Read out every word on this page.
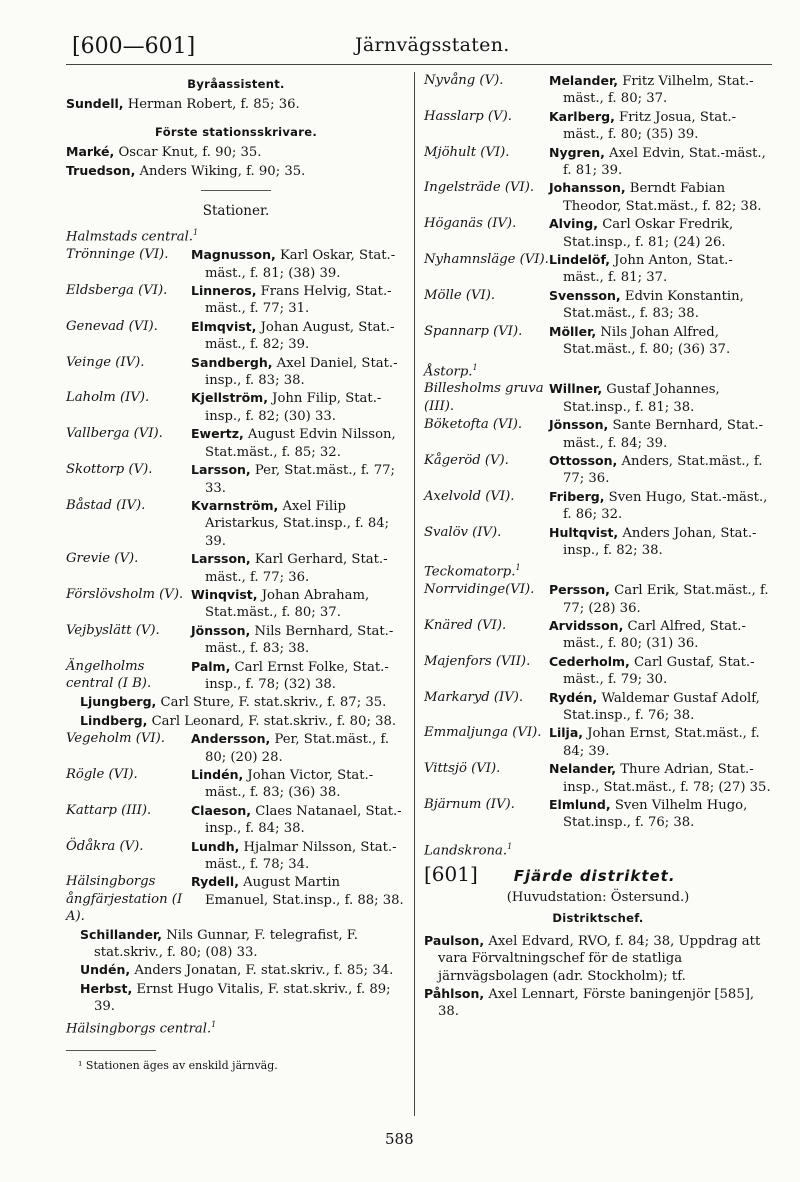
[600—601]	Järnvägsstaten.
Byråassistent.

Sundell, Herman Robert, f. 85; 36.

Förste stationsskrivare.

Marké, Oscar Knut, f. 90; 35.

Truedson, Anders Wiking, f. 90; 35.

Stationer.
Halmstads central.$^1$
Trönninge (VI).	Magnusson, Karl Oskar, Stat.-mäst., f. 81; (38) 39.
Eldsberga (VI).	Linneros, Frans Helvig, Stat.-mäst., f. 77; 31.
Genevad (VI).	Elmqvist, Johan August, Stat.-mäst., f. 82; 39.
Veinge (IV).	Sandbergh, Axel Daniel, Stat.-insp., f. 83; 38.
Laholm (IV).	Kjellström, John Filip, Stat.-insp., f. 82; (30) 33.
Vallberga (VI).	Ewertz, August Edvin Nilsson, Stat.mäst., f. 85; 32.
Skottorp (V).	Larsson, Per, Stat.mäst., f. 77; 33.
Båstad (IV).	Kvarnström, Axel Filip Aristarkus, Stat.insp., f. 84; 39.
Grevie (V).	Larsson, Karl Gerhard, Stat.-mäst., f. 77; 36.
Förslövsholm (V). Winqvist, Johan Abraham, Stat.mäst., f. 80; 37.
Vejbyslätt (V).	Jönsson, Nils Bernhard, Stat.-mäst., f. 83; 38.
Ängelholms central (I B).
Palm, Carl Ernst Folke, Stat.-insp., f. 78; (32) 38.

Ljungberg, Carl Sture, F. stat.skriv., f. 87; 35.

Lindberg, Carl Leonard, F. stat.skriv., f. 80; 38.

Vegeholm (VI).	Andersson, Per, Stat.mäst., f. 80; (20) 28.
Rögle (VI).	Lindén, Johan Victor, Stat.-mäst., f. 83; (36) 38.
Kattarp (III).	Claeson, Claes Natanael, Stat.-insp., f. 84; 38.
Ödåkra (V).	Lundh, Hjalmar Nilsson, Stat.-mäst., f. 78; 34.
Hälsingborgs ångfärjestation (I A).
Rydell, August Martin Emanuel, Stat.insp., f. 88; 38.

Schillander, Nils Gunnar, F. telegrafist, F. stat.skriv., f. 80; (08) 33.

Undén, Anders Jonatan, F. stat.skriv., f. 85; 34.

Herbst, Ernst Hugo Vitalis, F. stat.skriv., f. 89; 39.

Hälsingborgs central.$^1$
¹ Stationen äges av enskild järnväg.
Nyvång (V).	Melander, Fritz Vilhelm, Stat.-mäst., f. 80; 37.
Hasslarp (V).	Karlberg, Fritz Josua, Stat.-mäst., f. 80; (35) 39.
Mjöhult (VI).	Nygren, Axel Edvin, Stat.-mäst., f. 81; 39.
Ingelsträde (VI).	Johansson, Berndt Fabian Theodor, Stat.mäst., f. 82; 38.
Höganäs (IV).	Alving, Carl Oskar Fredrik, Stat.insp., f. 81; (24) 26.
Nyhamnsläge (VI). Lindelöf, John Anton, Stat.-mäst., f. 81; 37.
Mölle (VI).	Svensson, Edvin Konstantin, Stat.mäst., f. 83; 38.
Spannarp (VI).	Möller, Nils Johan Alfred, Stat.mäst., f. 80; (36) 37.
Åstorp.$^1$
Billesholms gruva (III).
Willner, Gustaf Johannes, Stat.insp., f. 81; 38.
Böketofta (VI).	Jönsson, Sante Bernhard, Stat.-mäst., f. 84; 39.
Kågeröd (V).	Ottosson, Anders, Stat.mäst., f. 77; 36.
Axelvold (VI).	Friberg, Sven Hugo, Stat.-mäst., f. 86; 32.
Svalöv (IV).	Hultqvist, Anders Johan, Stat.-insp., f. 82; 38.
Teckomatorp.$^1$
Norrvidinge(VI).	Persson, Carl Erik, Stat.mäst., f. 77; (28) 36.
Knäred (VI).	Arvidsson, Carl Alfred, Stat.-mäst., f. 80; (31) 36.
Majenfors (VII).	Cederholm, Carl Gustaf, Stat.-mäst., f. 79; 30.
Markaryd (IV).	Rydén, Waldemar Gustaf Adolf, Stat.insp., f. 76; 38.
Emmaljunga (VI). Lilja, Johan Ernst, Stat.mäst., f. 84; 39.
Vittsjö (VI).	Nelander, Thure Adrian, Stat.-insp., Stat.mäst., f. 78; (27) 35.
Bjärnum (IV).	Elmlund, Sven Vilhelm Hugo, Stat.insp., f. 76; 38.
Landskrona.$^1$
[601] Fjärde distriktet.
(Huvudstation: Östersund.)
Distriktschef.

Paulson, Axel Edvard, RVO, f. 84; 38, Uppdrag att vara Förvaltningschef för de statliga järnvägsbolagen (adr. Stockholm); tf.

Påhlson, Axel Lennart, Förste baningenjör [585], 38.

588
